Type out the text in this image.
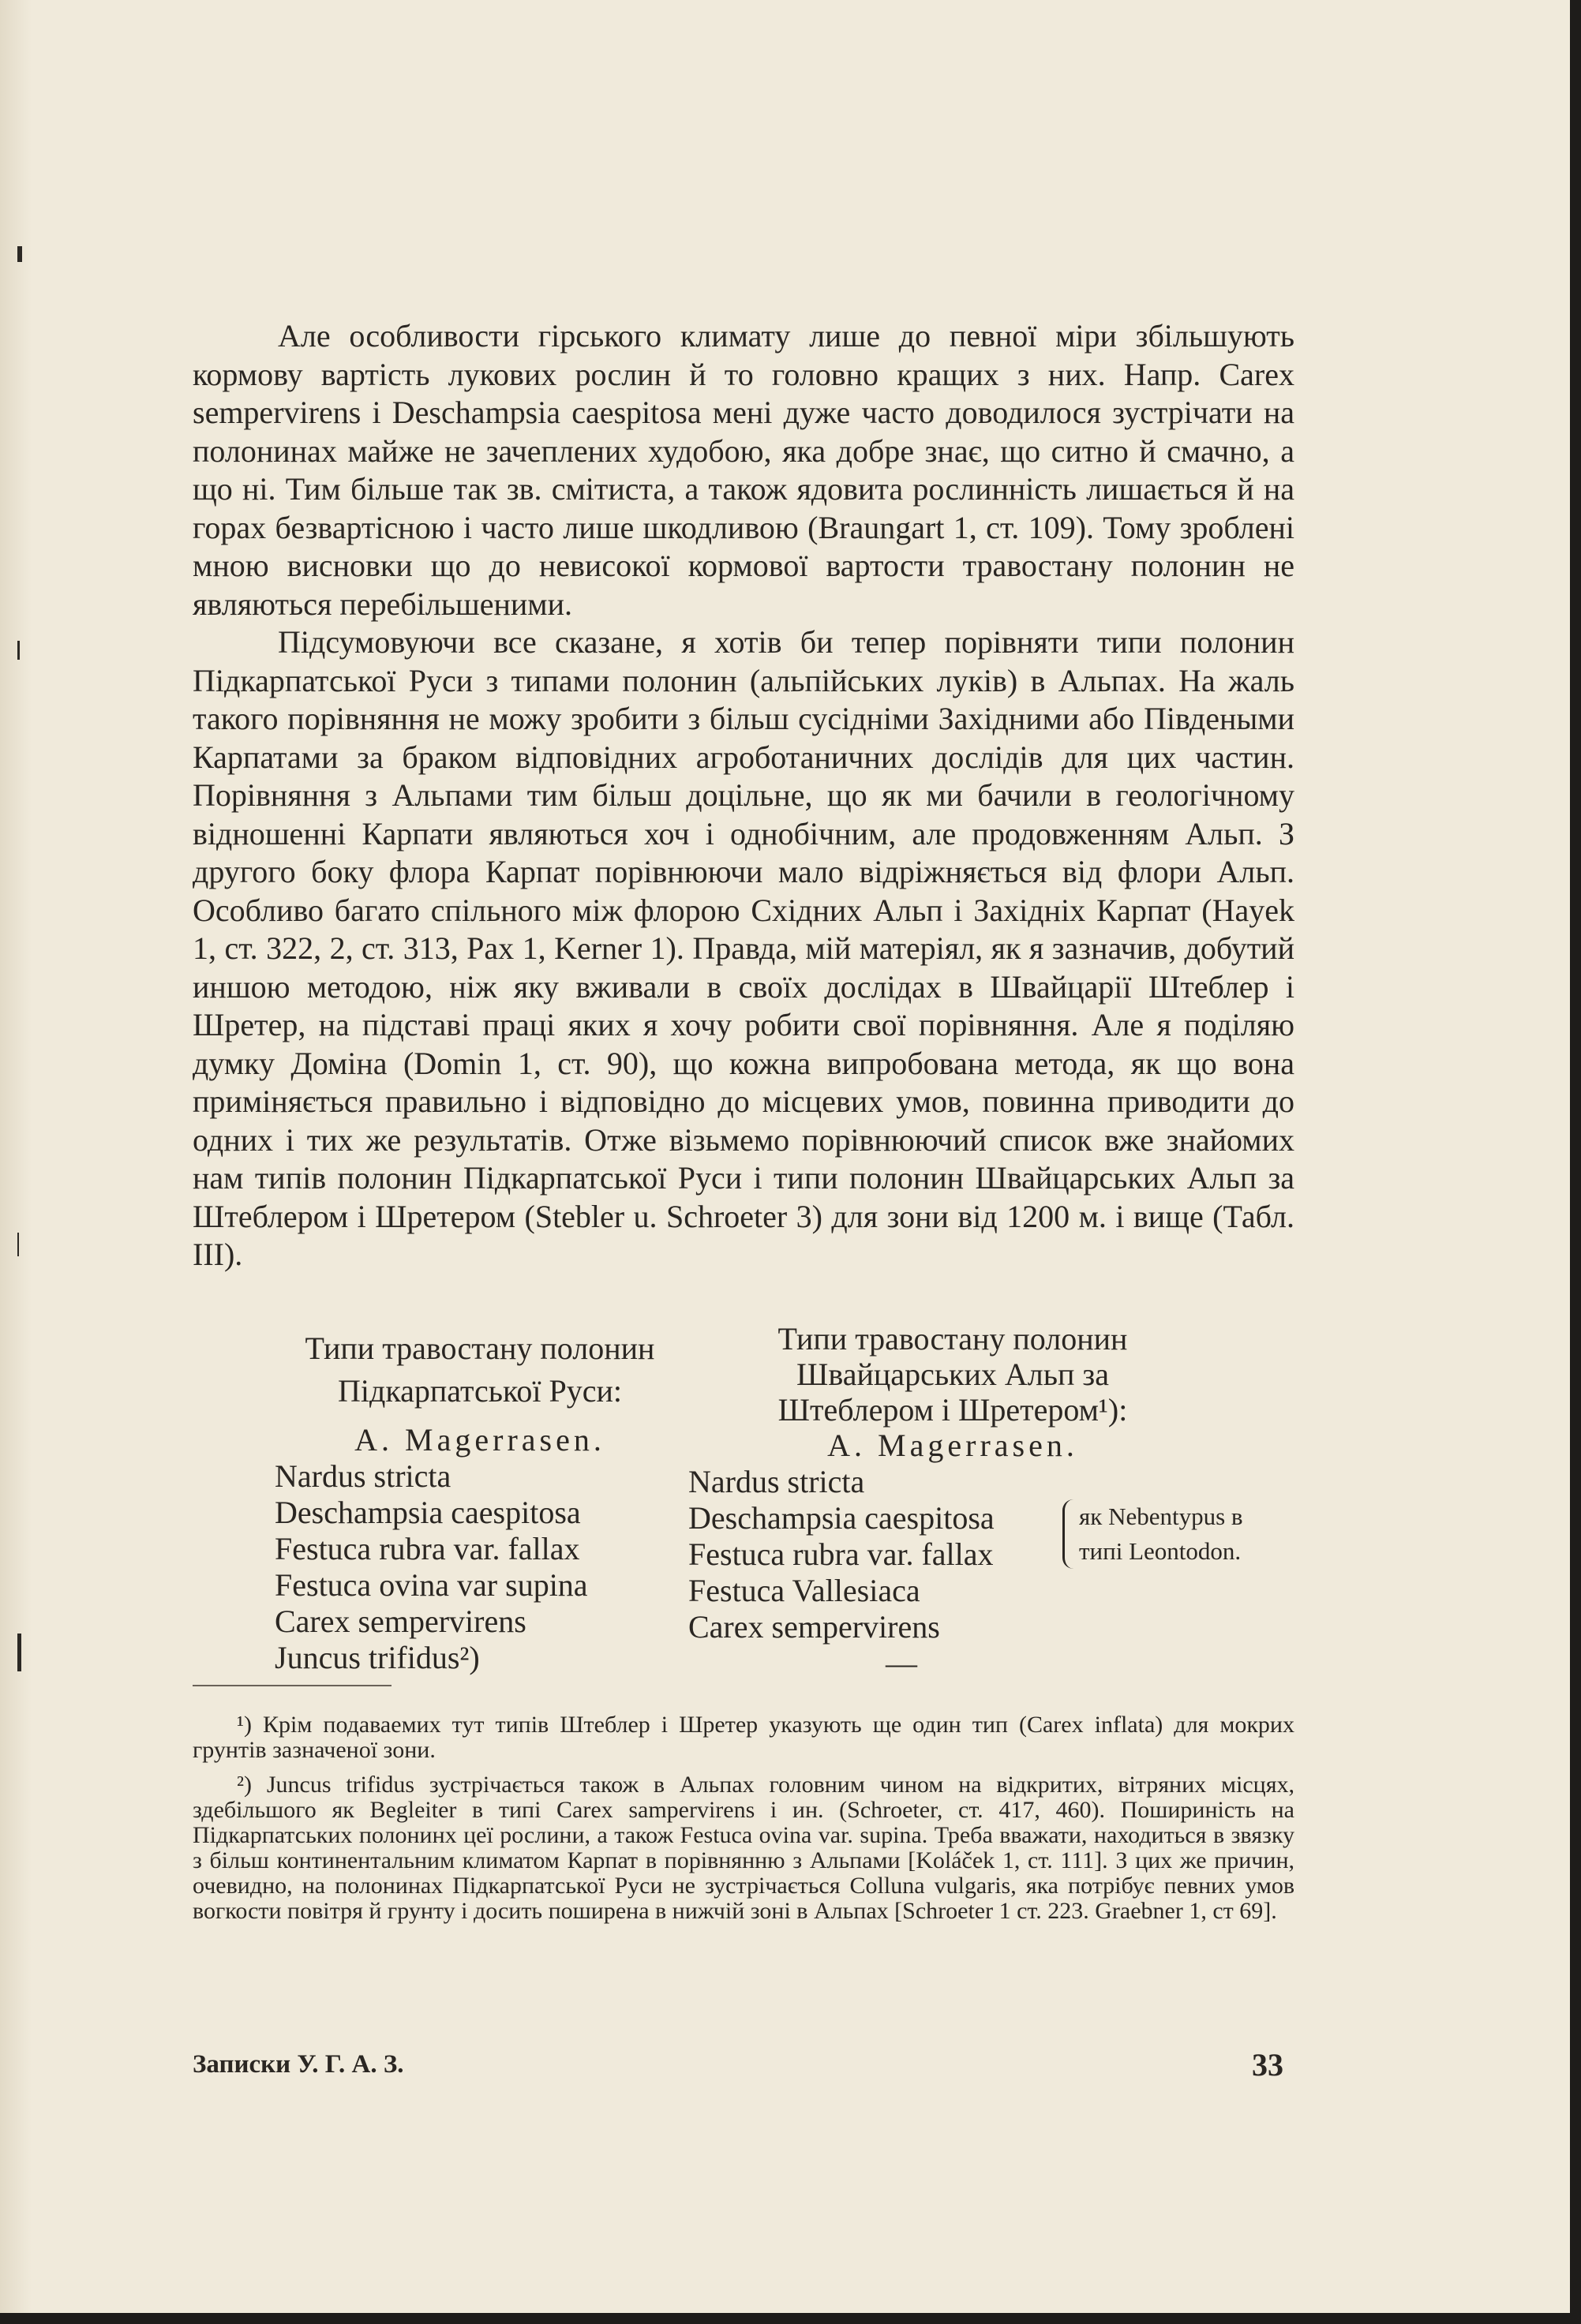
Але особливости гірського климату лише до певної міри збільшують кормову вартість лукових рослин й то головно кращих з них. Напр. Carex sempervirens і Deschampsia caespitosa мені дуже часто доводилося зустрічати на полонинах майже не зачеплених худобою, яка добре знає, що ситно й смачно, а що ні. Тим більше так зв. смітиста, а також ядовита рослинність лишається й на горах безвартісною і часто лише шкодливою (Braungart 1, ст. 109). Тому зроблені мною висновки що до невисокої кормової вартости травостану полонин не являються перебільшеними.

Підсумовуючи все сказане, я хотів би тепер порівняти типи полонин Підкарпатської Руси з типами полонин (альпійських луків) в Альпах. На жаль такого порівняння не можу зробити з більш сусідніми Західними або Південыми Карпатами за браком відповідних агроботаничних дослідів для цих частин. Порівняння з Альпами тим більш доцільне, що як ми бачили в геологічному відношенні Карпати являються хоч і однобічним, але продовженням Альп. З другого боку флора Карпат порівнюючи мало відріжняється від флори Альп. Особливо багато спільного між флорою Східних Альп і Західніх Карпат (Hayek 1, ст. 322, 2, ст. 313, Pax 1, Kerner 1). Правда, мій матеріял, як я зазначив, добутий иншою методою, ніж яку вживали в своїх дослідах в Швайцарії Штеблер і Шретер, на підставі праці яких я хочу робити свої порівняння. Але я поділяю думку Доміна (Domin 1, ст. 90), що кожна випробована метода, як що вона приміняється правильно і відповідно до місцевих умов, повинна приводити до одних і тих же результатів. Отже візьмемо порівнюючий список вже знайомих нам типів полонин Підкарпатської Руси і типи полонин Швайцарських Альп за Штеблером і Шретером (Stebler u. Schroeter 3) для зони від 1200 м. і вище (Табл. III).

Типи травостану полонин
Підкарпатської Руси:

A. Magerrasen.

Nardus stricta

Deschampsia caespitosa

Festuca rubra var. fallax

Festuca ovina var supina

Carex sempervirens

Juncus trifidus²)

Типи травостану полонин
Швайцарських Альп за
Штеблером і Шретером¹):

A. Magerrasen.

Nardus stricta

Deschampsia caespitosa

Festuca rubra var. fallax

Festuca Vallesiaca

Carex sempervirens

—

як Nebentypus в
типі Leontodon.

¹) Крім подаваемих тут типів Штеблер і Шретер указують ще один тип (Carex inflata) для мокрих грунтів зазначеної зони.

²) Juncus trifidus зустрічається також в Альпах головним чином на відкритих, вітряних місцях, здебільшого як Begleiter в типі Carex sampervirens і ин. (Schroeter, ст. 417, 460). Пошириність на Підкарпатських полонинх цеї рослини, а також Festuca ovina var. supina. Треба вважати, находиться в звязку з більш континентальним климатом Карпат в порівнянню з Альпами [Koláček 1, ст. 111]. З цих же причин, очевидно, на полонинах Підкарпатської Руси не зустрічається Colluna vulgaris, яка потрібує певних умов вогкости повітря й грунту і досить поширена в нижчій зоні в Альпах [Schroeter 1 ст. 223. Graebner 1, ст 69].

Записки У. Г. А. З.	33
